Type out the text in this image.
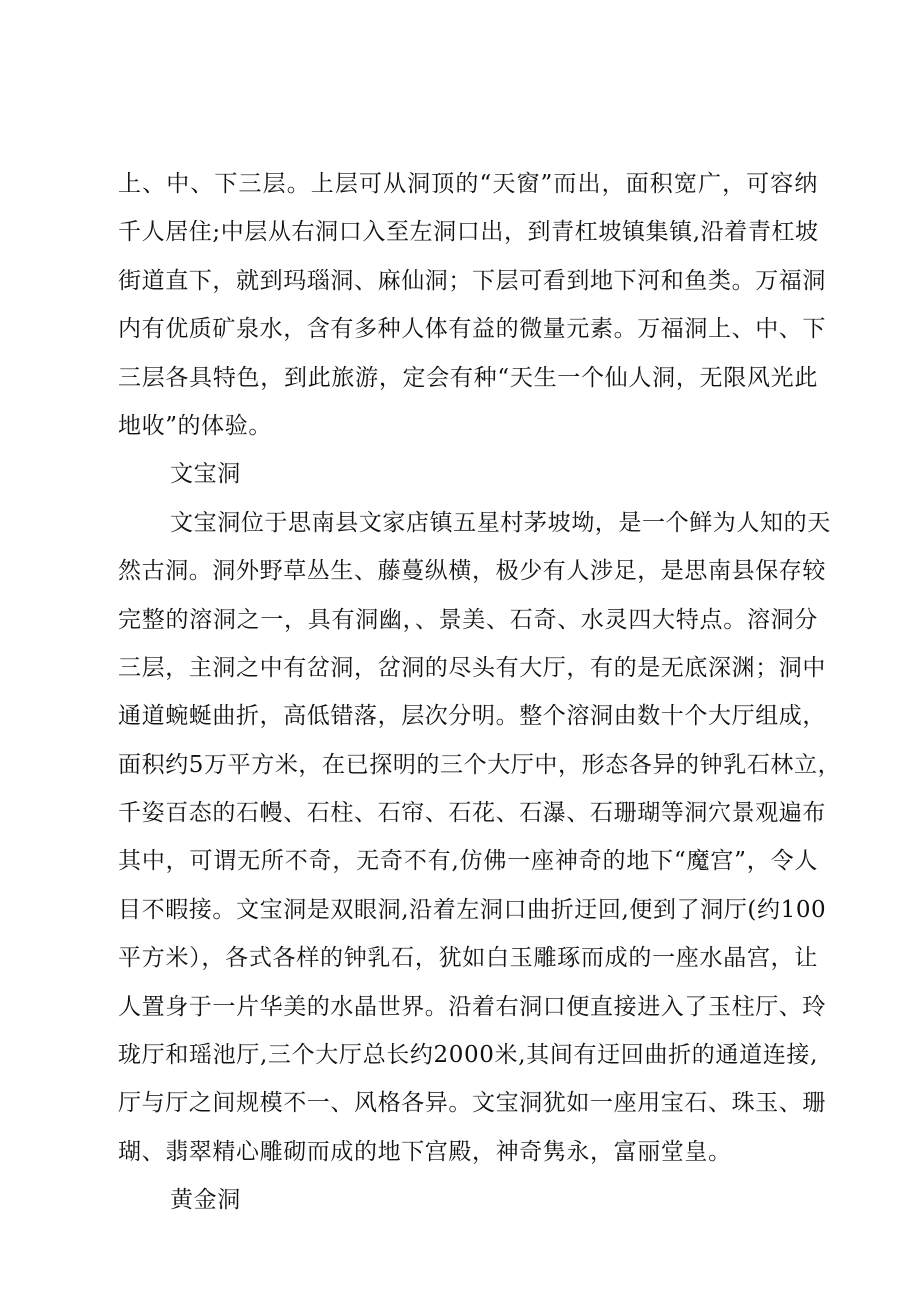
上、中、下三层。上层可从洞顶的“天窗”而出，面积宽广，可容纳
千人居住;中层从右洞口入至左洞口出，到青杠坡镇集镇,沿着青杠坡
街道直下，就到玛瑙洞、麻仙洞；下层可看到地下河和鱼类。万福洞
内有优质矿泉水，含有多种人体有益的微量元素。万福洞上、中、下
三层各具特色，到此旅游，定会有种“天生一个仙人洞，无限风光此
地收”的体验。
文宝洞
文宝洞位于思南县文家店镇五星村茅坡坳，是一个鲜为人知的天
然古洞。洞外野草丛生、藤蔓纵横，极少有人涉足，是思南县保存较
完整的溶洞之一，具有洞幽，、景美、石奇、水灵四大特点。溶洞分
三层，主洞之中有岔洞，岔洞的尽头有大厅，有的是无底深渊；洞中
通道蜿蜒曲折，高低错落，层次分明。整个溶洞由数十个大厅组成，
面积约5万平方米，在已探明的三个大厅中，形态各异的钟乳石林立，
千姿百态的石幔、石柱、石帘、石花、石瀑、石珊瑚等洞穴景观遍布
其中，可谓无所不奇，无奇不有,仿佛一座神奇的地下“魔宫”，令人
目不暇接。文宝洞是双眼洞,沿着左洞口曲折迂回,便到了洞厅(约100
平方米），各式各样的钟乳石，犹如白玉雕琢而成的一座水晶宫，让
人置身于一片华美的水晶世界。沿着右洞口便直接进入了玉柱厅、玲
珑厅和瑶池厅,三个大厅总长约2000米,其间有迂回曲折的通道连接,
厅与厅之间规模不一、风格各异。文宝洞犹如一座用宝石、珠玉、珊
瑚、翡翠精心雕砌而成的地下宫殿，神奇隽永，富丽堂皇。
黄金洞
